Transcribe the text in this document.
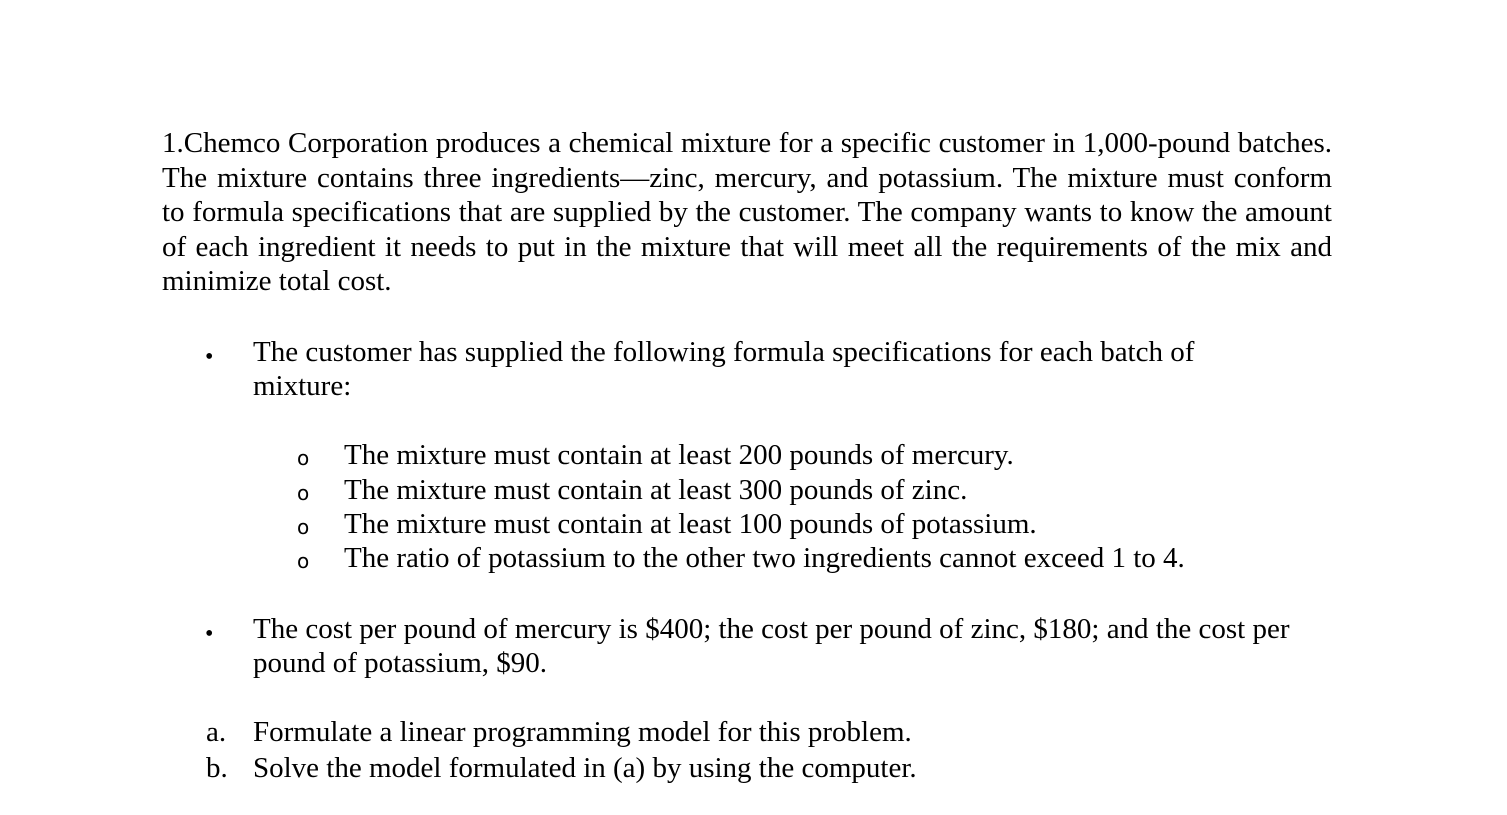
1.Chemco Corporation produces a chemical mixture for a specific customer in 1,000-pound batches. The mixture contains three ingredients—zinc, mercury, and potassium. The mixture must conform to formula specifications that are supplied by the customer. The company wants to know the amount of each ingredient it needs to put in the mixture that will meet all the requirements of the mix and minimize total cost.

• The customer has supplied the following formula specifications for each batch of
mixture:
o The mixture must contain at least 200 pounds of mercury.
o The mixture must contain at least 300 pounds of zinc.
o The mixture must contain at least 100 pounds of potassium.
o The ratio of potassium to the other two ingredients cannot exceed 1 to 4.
• The cost per pound of mercury is $400; the cost per pound of zinc, $180; and the cost per
pound of potassium, $90.
a. Formulate a linear programming model for this problem.
b. Solve the model formulated in (a) by using the computer.
